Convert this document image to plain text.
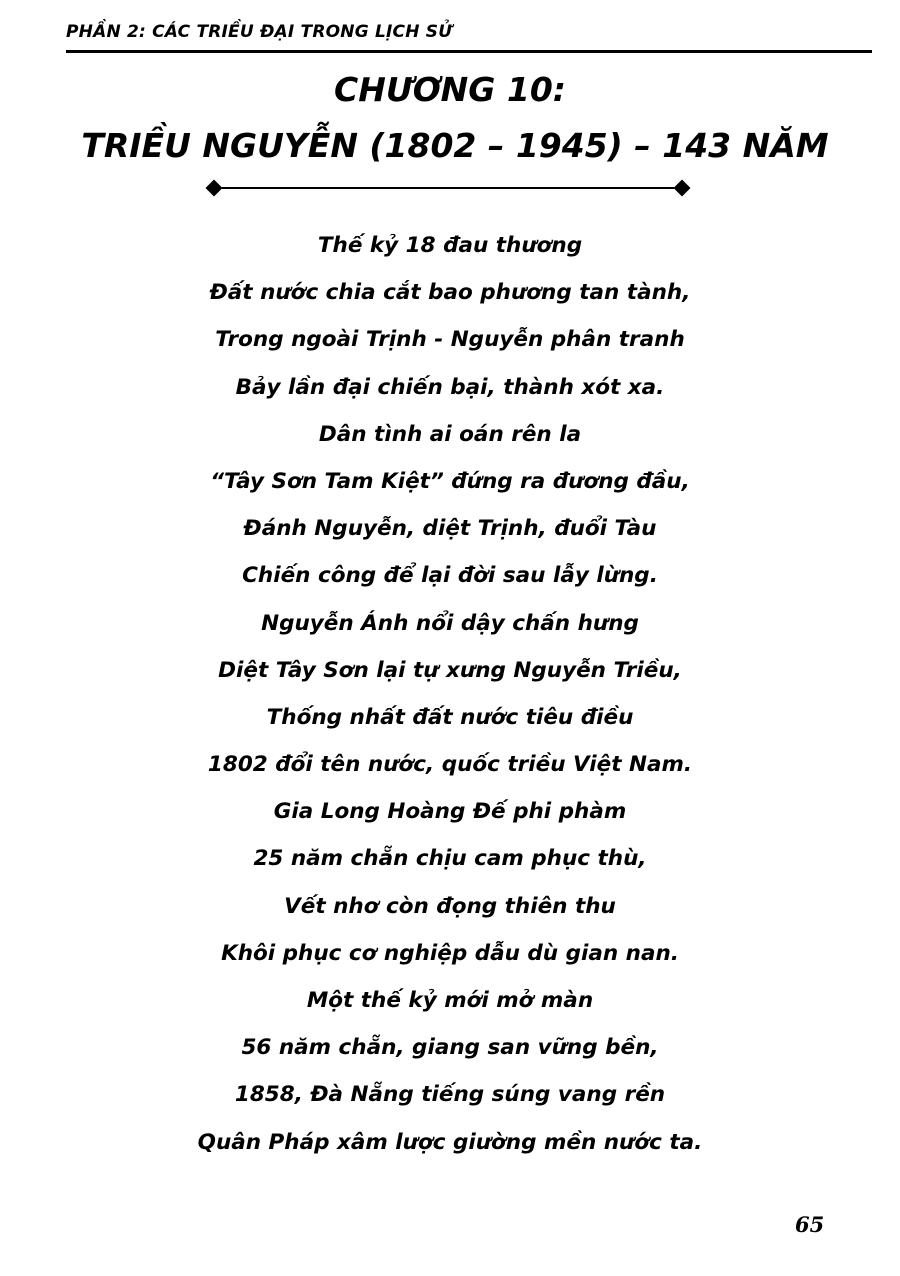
PHẦN 2: CÁC TRIỀU ĐẠI TRONG LỊCH SỬ
CHƯƠNG 10:
TRIỀU NGUYỄN (1802 – 1945) – 143 NĂM
Thế kỷ 18 đau thương
Đất nước chia cắt bao phương tan tành,
Trong ngoài Trịnh - Nguyễn phân tranh
Bảy lần đại chiến bại, thành xót xa.
Dân tình ai oán rên la
“Tây Sơn Tam Kiệt” đứng ra đương đầu,
Đánh Nguyễn, diệt Trịnh, đuổi Tàu
Chiến công để lại đời sau lẫy lừng.
Nguyễn Ánh nổi dậy chấn hưng
Diệt Tây Sơn lại tự xưng Nguyễn Triều,
Thống nhất đất nước tiêu điều
1802 đổi tên nước, quốc triều Việt Nam.
Gia Long Hoàng Đế phi phàm
25 năm chẵn chịu cam phục thù,
Vết nhơ còn đọng thiên thu
Khôi phục cơ nghiệp dẫu dù gian nan.
Một thế kỷ mới mở màn
56 năm chẵn, giang san vững bền,
1858, Đà Nẵng tiếng súng vang rền
Quân Pháp xâm lược giường mền nước ta.
65
